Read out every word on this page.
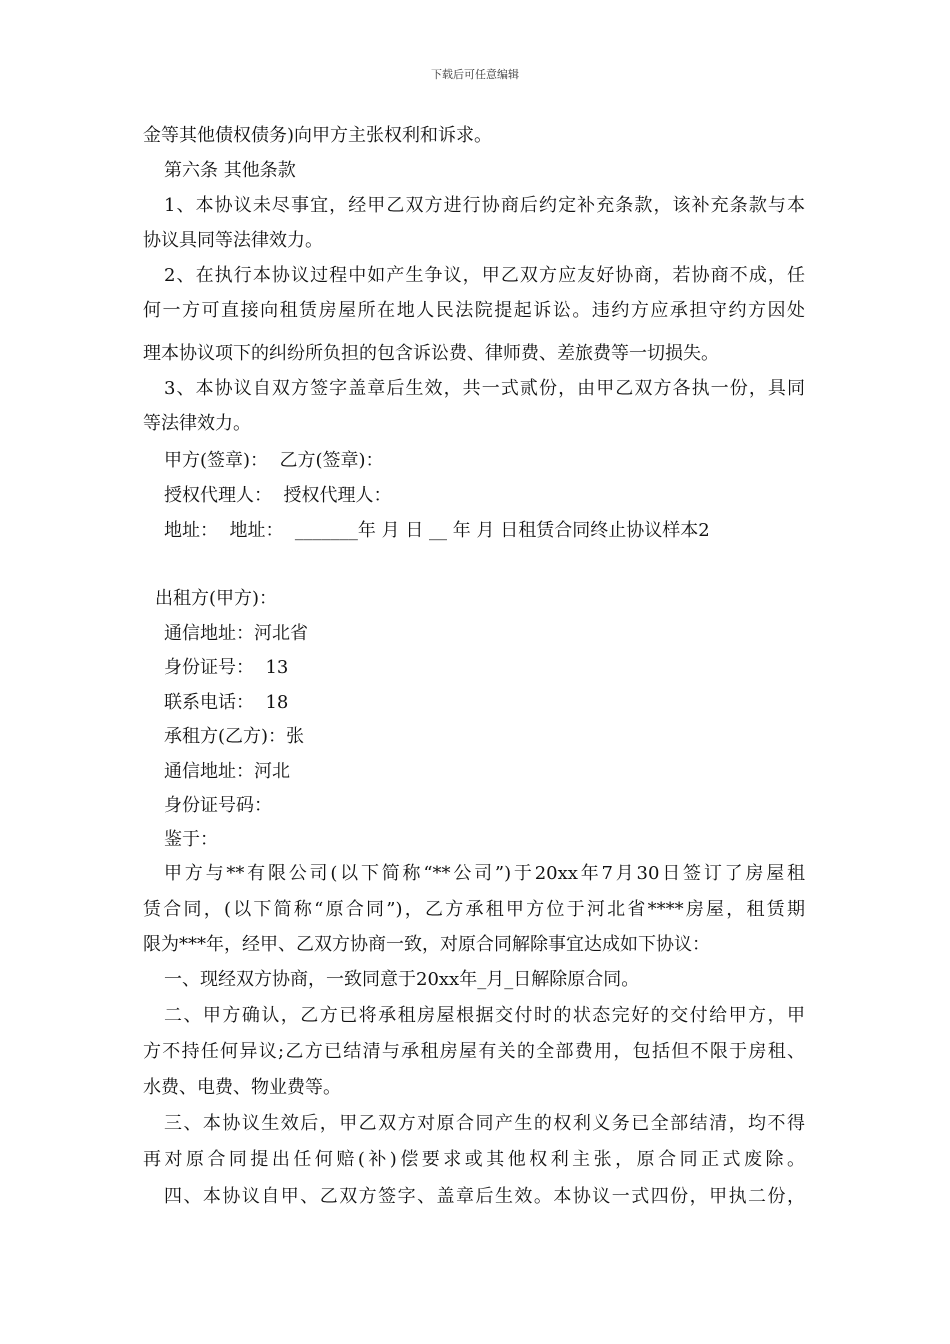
下载后可任意编辑
金等其他债权债务)向甲方主张权利和诉求。
第六条 其他条款
1、本协议未尽事宜，经甲乙双方进行协商后约定补充条款，该补充条款与本
协议具同等法律效力。
2、在执行本协议过程中如产生争议，甲乙双方应友好协商，若协商不成，任
何一方可直接向租赁房屋所在地人民法院提起诉讼。违约方应承担守约方因处
理本协议项下的纠纷所负担的包含诉讼费、律师费、差旅费等一切损失。
3、本协议自双方签字盖章后生效，共一式贰份，由甲乙双方各执一份，具同
等法律效力。
甲方(签章)：  乙方(签章)：
授权代理人：  授权代理人：
地址：  地址：  _______年 月 日 __ 年 月 日租赁合同终止协议样本2
出租方(甲方)：
通信地址：河北省
身份证号：  13
联系电话：  18
承租方(乙方)：张
通信地址：河北
身份证号码：
鉴于：
甲方与**有限公司(以下简称“**公司”)于20xx年7月30日签订了房屋租
赁合同，(以下简称“原合同”)，乙方承租甲方位于河北省****房屋，租赁期
限为***年，经甲、乙双方协商一致，对原合同解除事宜达成如下协议：
一、现经双方协商，一致同意于20xx年_月_日解除原合同。
二、甲方确认，乙方已将承租房屋根据交付时的状态完好的交付给甲方，甲
方不持任何异议;乙方已结清与承租房屋有关的全部费用，包括但不限于房租、
水费、电费、物业费等。
三、本协议生效后，甲乙双方对原合同产生的权利义务已全部结清，均不得
再对原合同提出任何赔(补)偿要求或其他权利主张，原合同正式废除。
四、本协议自甲、乙双方签字、盖章后生效。本协议一式四份，甲执二份，
